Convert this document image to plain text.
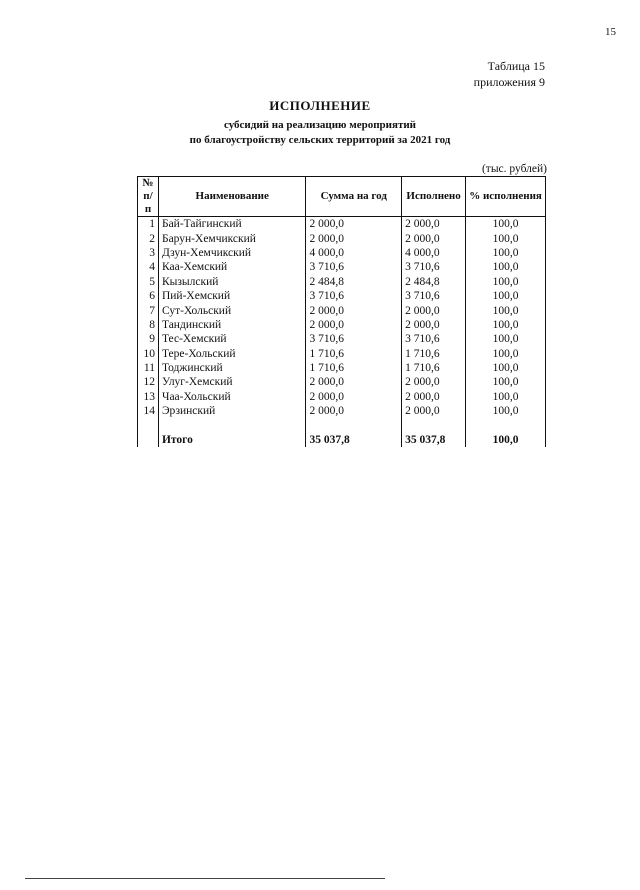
15
Таблица 15
приложения 9
ИСПОЛНЕНИЕ
субсидий на реализацию мероприятий
по благоустройству сельских территорий за 2021 год
(тыс. рублей)
№ п/п	Наименование	Сумма на год	Исполнено	% исполнения
1	Бай-Тайгинский	2 000,0	2 000,0	100,0
2	Барун-Хемчикский	2 000,0	2 000,0	100,0
3	Дзун-Хемчикский	4 000,0	4 000,0	100,0
4	Каа-Хемский	3 710,6	3 710,6	100,0
5	Кызылский	2 484,8	2 484,8	100,0
6	Пий-Хемский	3 710,6	3 710,6	100,0
7	Сут-Хольский	2 000,0	2 000,0	100,0
8	Тандинский	2 000,0	2 000,0	100,0
9	Тес-Хемский	3 710,6	3 710,6	100,0
10	Тере-Хольский	1 710,6	1 710,6	100,0
11	Тоджинский	1 710,6	1 710,6	100,0
12	Улуг-Хемский	2 000,0	2 000,0	100,0
13	Чаа-Хольский	2 000,0	2 000,0	100,0
14	Эрзинский	2 000,0	2 000,0	100,0

	Итого	35 037,8	35 037,8	100,0
